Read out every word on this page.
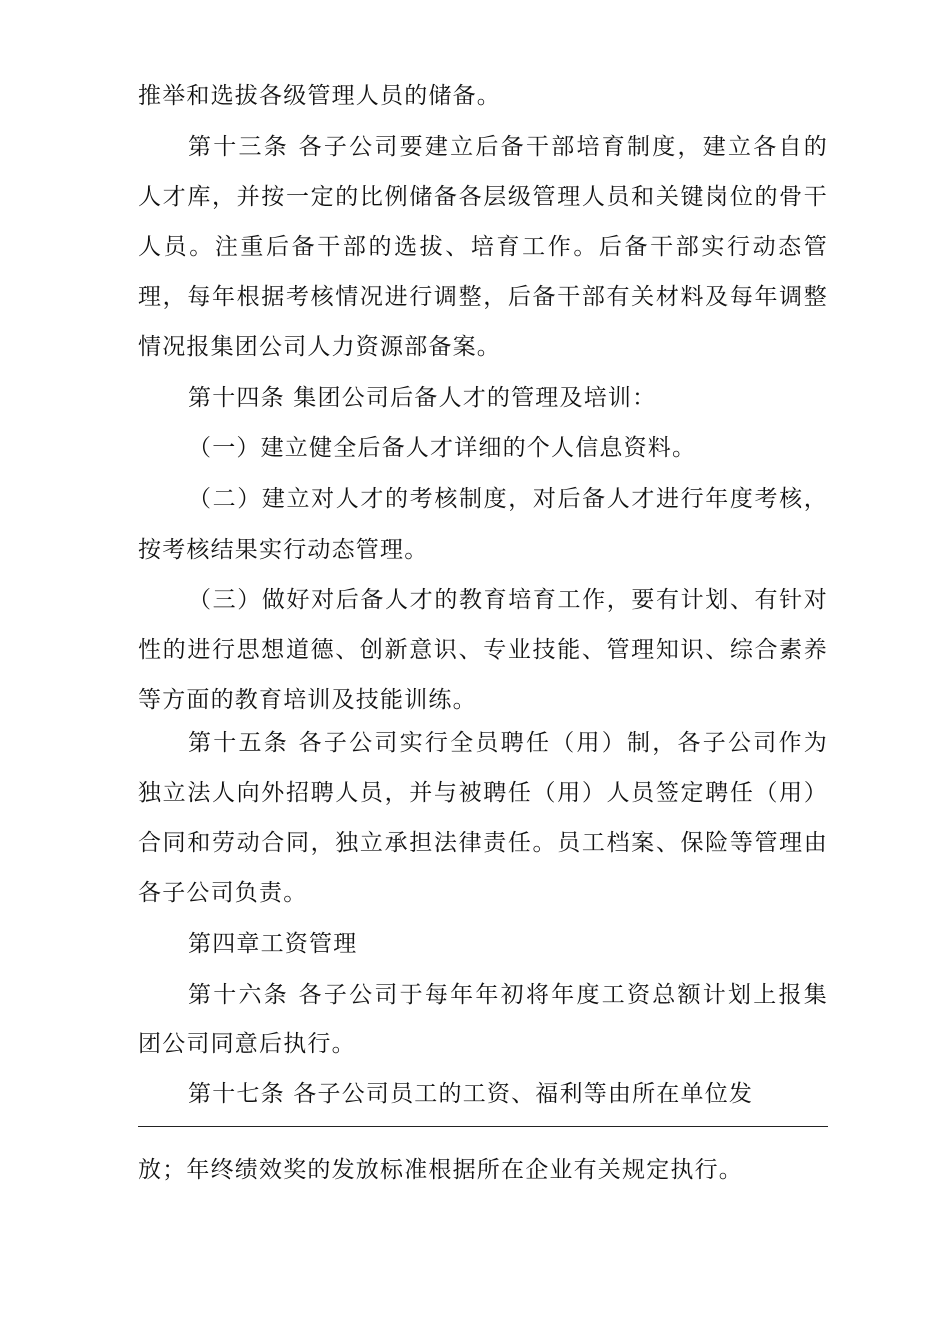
推举和选拔各级管理人员的储备。
第十三条 各子公司要建立后备干部培育制度，建立各自的
人才库，并按一定的比例储备各层级管理人员和关键岗位的骨干
人员。注重后备干部的选拔、培育工作。后备干部实行动态管
理，每年根据考核情况进行调整，后备干部有关材料及每年调整
情况报集团公司人力资源部备案。
第十四条 集团公司后备人才的管理及培训：
（一）建立健全后备人才详细的个人信息资料。
（二）建立对人才的考核制度，对后备人才进行年度考核，
按考核结果实行动态管理。
（三）做好对后备人才的教育培育工作，要有计划、有针对
性的进行思想道德、创新意识、专业技能、管理知识、综合素养
等方面的教育培训及技能训练。
第十五条 各子公司实行全员聘任（用）制，各子公司作为
独立法人向外招聘人员，并与被聘任（用）人员签定聘任（用）
合同和劳动合同，独立承担法律责任。员工档案、保险等管理由
各子公司负责。
第四章工资管理
第十六条 各子公司于每年年初将年度工资总额计划上报集
团公司同意后执行。
第十七条 各子公司员工的工资、福利等由所在单位发
放；年终绩效奖的发放标准根据所在企业有关规定执行。
